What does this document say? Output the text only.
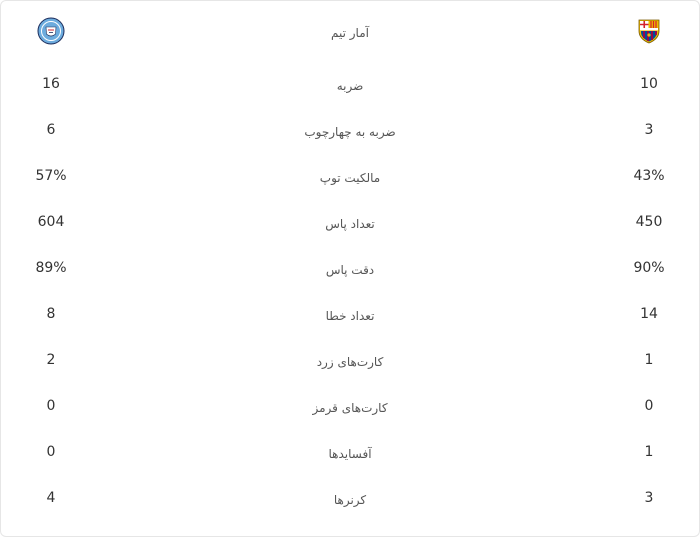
آمار تیم
16	ضربه	10
6	ضربه به چهارچوب	3
57%	مالکیت توپ	43%
604	تعداد پاس	450
89%	دقت پاس	90%
8	تعداد خطا	14
2	کارت‌های زرد	1
0	کارت‌های قرمز	0
0	آفسایدها	1
4	کرنرها	3
